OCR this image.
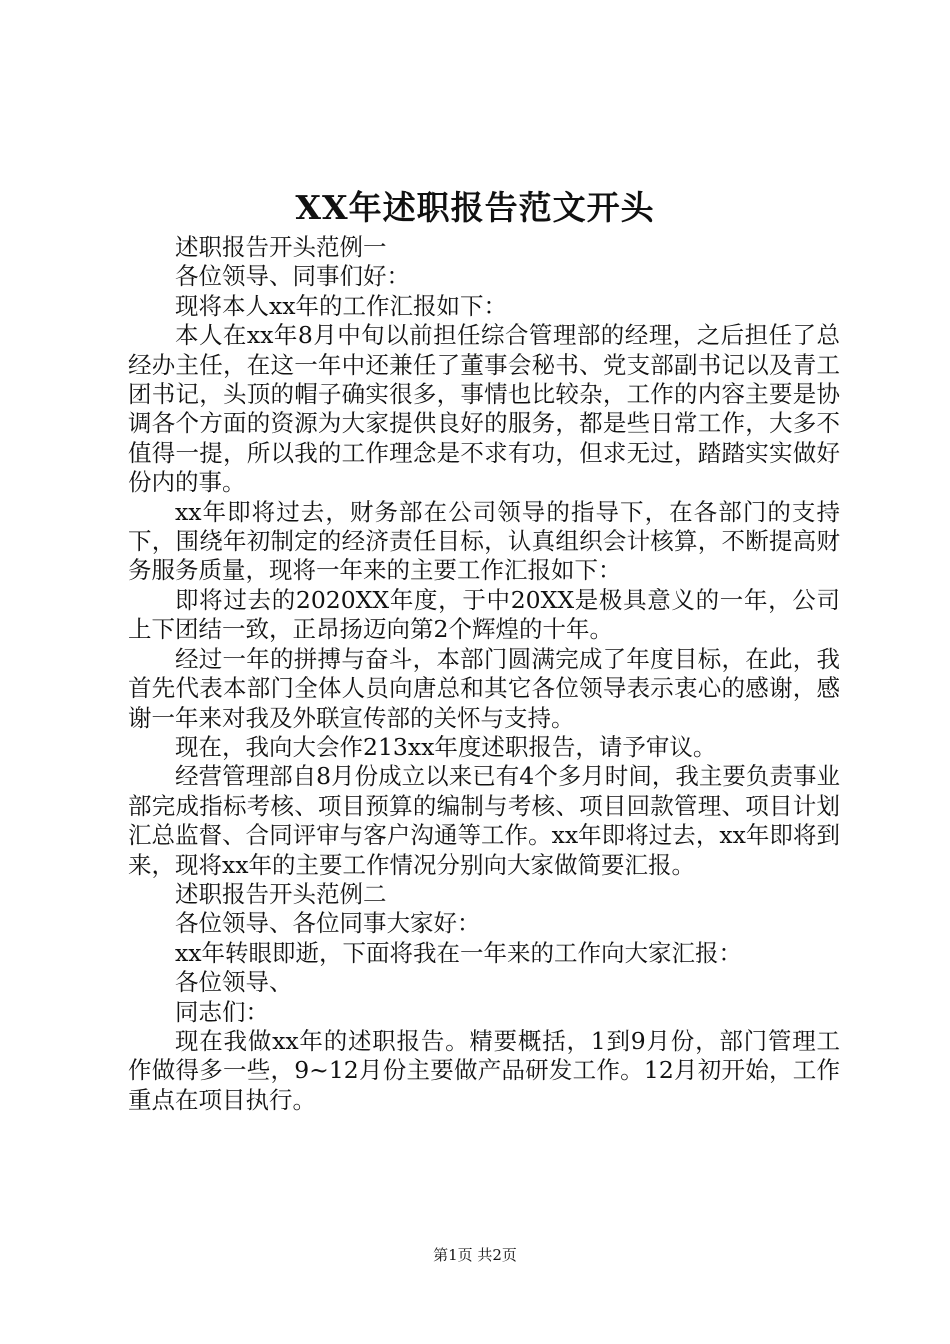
XX年述职报告范文开头

述职报告开头范例一

各位领导、同事们好：

现将本人xx年的工作汇报如下：

本人在xx年8月中旬以前担任综合管理部的经理，之后担任了总经办主任，在这一年中还兼任了董事会秘书、党支部副书记以及青工团书记，头顶的帽子确实很多，事情也比较杂，工作的内容主要是协调各个方面的资源为大家提供良好的服务，都是些日常工作，大多不值得一提，所以我的工作理念是不求有功，但求无过，踏踏实实做好份内的事。

xx年即将过去，财务部在公司领导的指导下，在各部门的支持下，围绕年初制定的经济责任目标，认真组织会计核算，不断提高财务服务质量，现将一年来的主要工作汇报如下：

即将过去的2020XX年度，于中20XX是极具意义的一年，公司上下团结一致，正昂扬迈向第2个辉煌的十年。

经过一年的拼搏与奋斗，本部门圆满完成了年度目标，在此，我首先代表本部门全体人员向唐总和其它各位领导表示衷心的感谢，感谢一年来对我及外联宣传部的关怀与支持。

现在，我向大会作213xx年度述职报告，请予审议。

经营管理部自8月份成立以来已有4个多月时间，我主要负责事业部完成指标考核、项目预算的编制与考核、项目回款管理、项目计划汇总监督、合同评审与客户沟通等工作。xx年即将过去，xx年即将到来，现将xx年的主要工作情况分别向大家做简要汇报。

述职报告开头范例二

各位领导、各位同事大家好：

xx年转眼即逝，下面将我在一年来的工作向大家汇报：

各位领导、

同志们：

现在我做xx年的述职报告。精要概括，1到9月份，部门管理工作做得多一些，9~12月份主要做产品研发工作。12月初开始，工作重点在项目执行。

第1页 共2页
